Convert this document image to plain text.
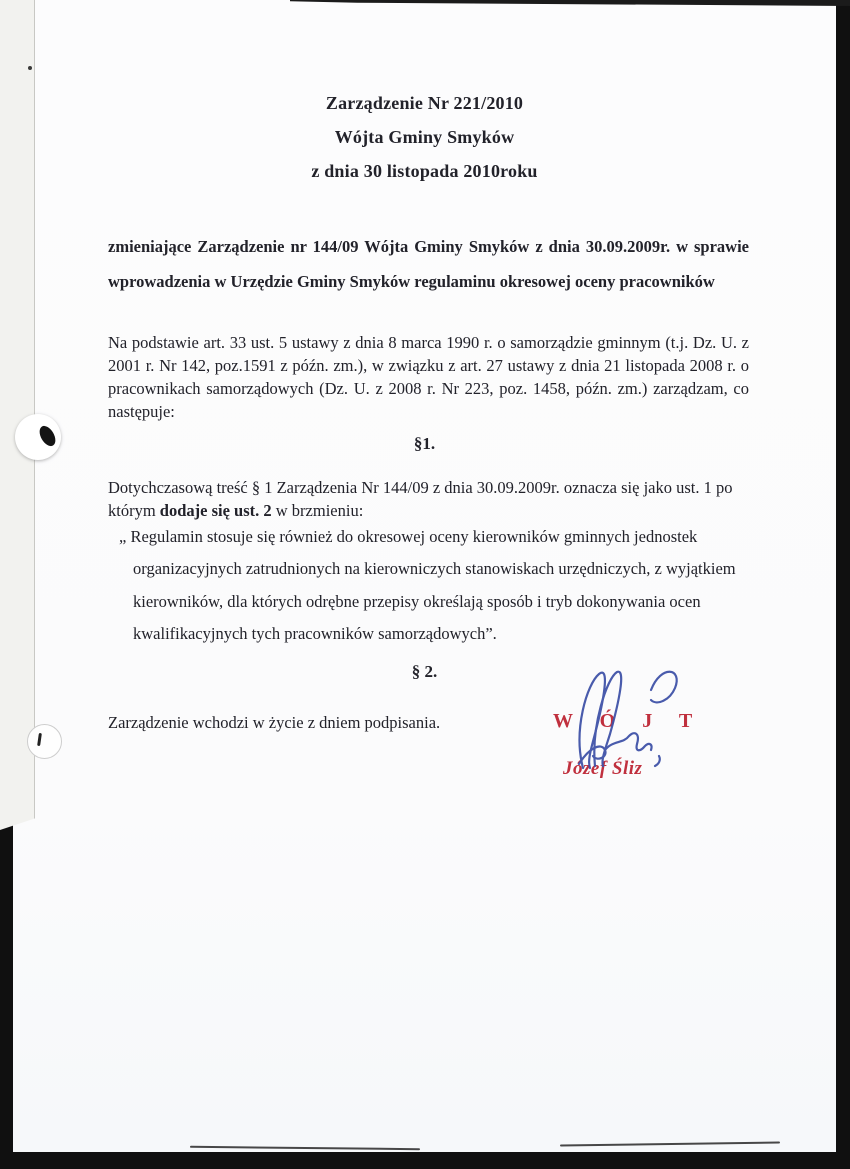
Zarządzenie Nr 221/2010
Wójta Gminy Smyków
z dnia 30 listopada 2010roku

zmieniające Zarządzenie nr 144/09 Wójta Gminy Smyków z dnia 30.09.2009r. w sprawie wprowadzenia w Urzędzie Gminy Smyków regulaminu okresowej oceny pracowników

Na podstawie art. 33 ust. 5 ustawy z dnia 8 marca 1990 r. o samorządzie gminnym (t.j. Dz. U. z 2001 r. Nr 142, poz.1591 z późn. zm.), w związku z art. 27 ustawy z dnia 21 listopada 2008 r. o pracownikach samorządowych (Dz. U. z 2008 r. Nr 223, poz. 1458, późn. zm.) zarządzam, co następuje:

§1.

Dotychczasową treść § 1 Zarządzenia Nr 144/09 z dnia 30.09.2009r. oznacza się jako ust. 1 po którym dodaje się ust. 2 w brzmieniu:

„ Regulamin stosuje się również do okresowej oceny kierowników gminnych jednostek organizacyjnych zatrudnionych na kierowniczych stanowiskach urzędniczych, z wyjątkiem kierowników, dla których odrębne przepisy określają sposób i tryb dokonywania ocen kwalifikacyjnych tych pracowników samorządowych”.

§ 2.

Zarządzenie wchodzi w życie z dniem podpisania.	W Ó J T
Józef Śliz
